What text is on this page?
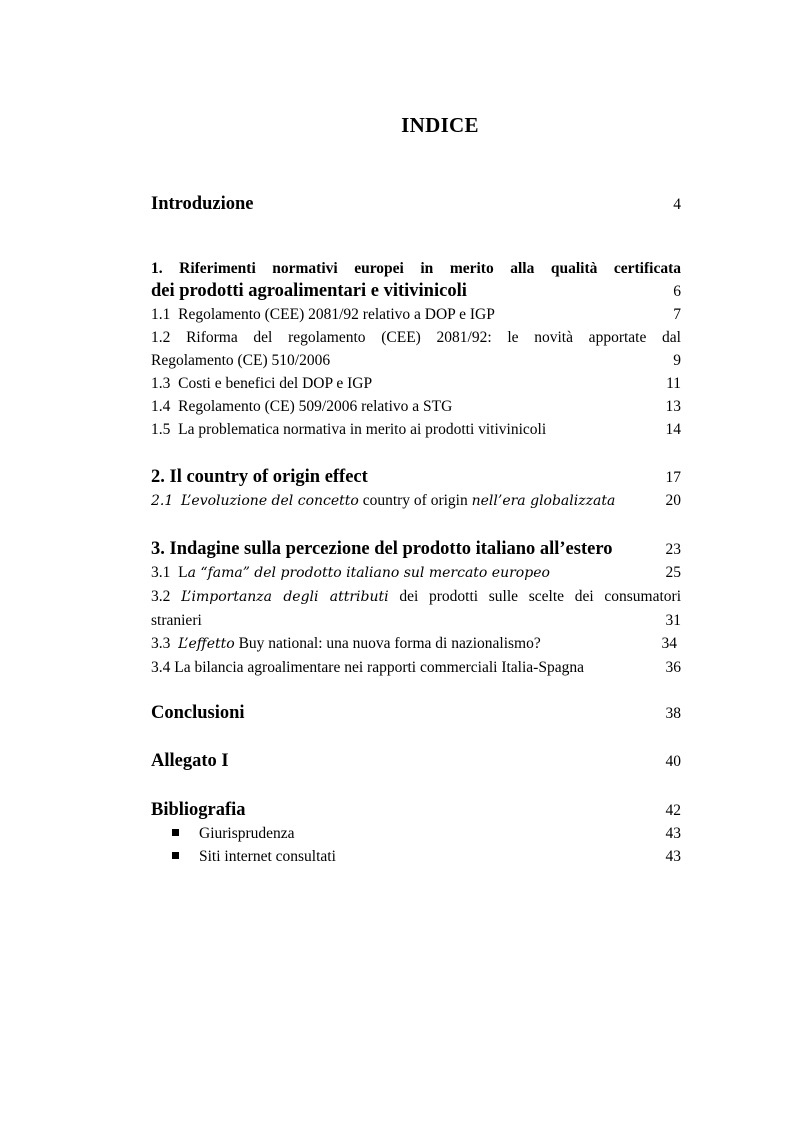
INDICE
Introduzione	4
1. Riferimenti normativi europei in merito alla qualità certificata
dei prodotti agroalimentari e vitivinicoli	6
1.1 Regolamento (CEE) 2081/92 relativo a DOP e IGP	7
1.2 Riforma del regolamento (CEE) 2081/92: le novità apportate dal
Regolamento (CE) 510/2006	9
1.3 Costi e benefici del DOP e IGP	11
1.4 Regolamento (CE) 509/2006 relativo a STG	13
1.5 La problematica normativa in merito ai prodotti vitivinicoli	14
2. Il country of origin effect	17
2.1 L’evoluzione del concetto country of origin nell’era globalizzata	20
3. Indagine sulla percezione del prodotto italiano all’estero	23
3.1 La “fama” del prodotto italiano sul mercato europeo	25
3.2 L’importanza degli attributi dei prodotti sulle scelte dei consumatori
stranieri	31
3.3 L’effetto Buy national: una nuova forma di nazionalismo?	34
3.4 La bilancia agroalimentare nei rapporti commerciali Italia-Spagna	36
Conclusioni	38
Allegato I	40
Bibliografia	42
Giurisprudenza	43
Siti internet consultati	43
